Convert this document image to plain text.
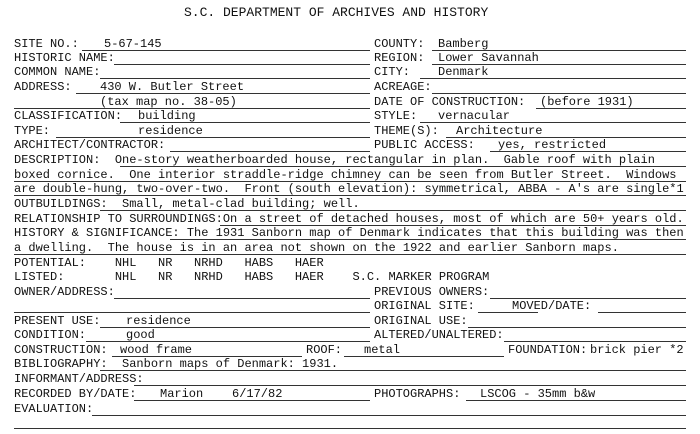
S.C. DEPARTMENT OF ARCHIVES AND HISTORY
SITE NO.: 5-67-145	COUNTY: Bamberg
HISTORIC NAME:	REGION: Lower Savannah
COMMON NAME:	CITY: Denmark
ADDRESS: 430 W. Butler Street	ACREAGE:
(tax map no. 38-05)	DATE OF CONSTRUCTION: (before 1931)
CLASSIFICATION: building	STYLE: vernacular
TYPE:	residence	THEME(S): Architecture
ARCHITECT/CONTRACTOR:	PUBLIC ACCESS: yes, restricted
DESCRIPTION:  One-story weatherboarded house, rectangular in plan.  Gable roof with plain
boxed cornice.  One interior straddle-ridge chimney can be seen from Butler Street.  Windows
are double-hung, two-over-two.  Front (south elevation): symmetrical, ABBA - A's are single*1
OUTBUILDINGS:  Small, metal-clad building; well.
RELATIONSHIP TO SURROUNDINGS:On a street of detached houses, most of which are 50+ years old.
HISTORY & SIGNIFICANCE: The 1931 Sanborn map of Denmark indicates that this building was then
a dwelling.  The house is in an area not shown on the 1922 and earlier Sanborn maps.
POTENTIAL:    NHL   NR   NRHD   HABS   HAER
LISTED:       NHL   NR   NRHD   HABS   HAER    S.C. MARKER PROGRAM
OWNER/ADDRESS:	PREVIOUS OWNERS:
ORIGINAL SITE:	MOVED/DATE:
PRESENT USE: residence	ORIGINAL USE:
CONDITION:	good	ALTERED/UNALTERED:
CONSTRUCTION: wood frame	ROOF: metal	FOUNDATION: brick pier *2
BIBLIOGRAPHY:  Sanborn maps of Denmark: 1931.
INFORMANT/ADDRESS:
RECORDED BY/DATE: Marion 6/17/82	PHOTOGRAPHS: LSCOG - 35mm b&w
EVALUATION:
